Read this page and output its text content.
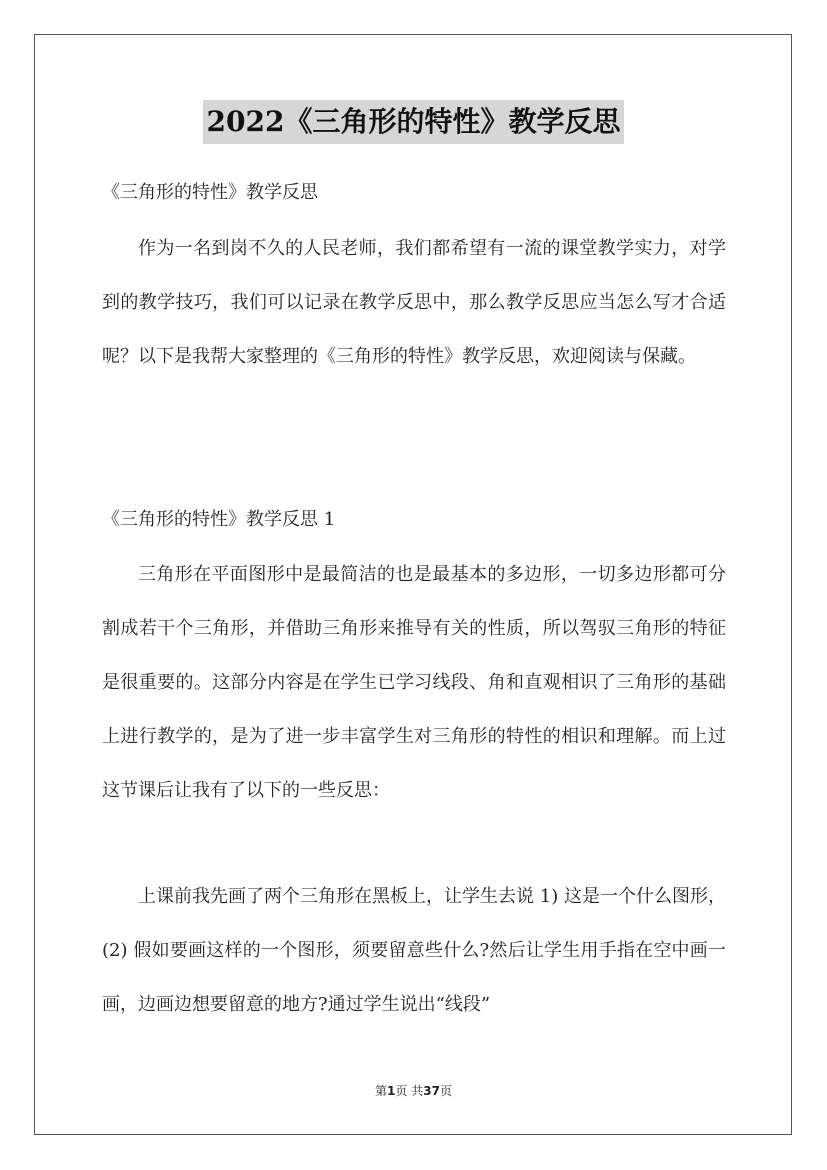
2022《三角形的特性》教学反思
《三角形的特性》教学反思
作为一名到岗不久的人民老师，我们都希望有一流的课堂教学实力，对学到的教学技巧，我们可以记录在教学反思中，那么教学反思应当怎么写才合适呢？以下是我帮大家整理的《三角形的特性》教学反思，欢迎阅读与保藏。
《三角形的特性》教学反思 1
三角形在平面图形中是最简洁的也是最基本的多边形，一切多边形都可分割成若干个三角形，并借助三角形来推导有关的性质，所以驾驭三角形的特征是很重要的。这部分内容是在学生已学习线段、角和直观相识了三角形的基础上进行教学的，是为了进一步丰富学生对三角形的特性的相识和理解。而上过这节课后让我有了以下的一些反思：
上课前我先画了两个三角形在黑板上，让学生去说 1) 这是一个什么图形，(2) 假如要画这样的一个图形，须要留意些什么?然后让学生用手指在空中画一画，边画边想要留意的地方?通过学生说出“线段”
第1页 共37页
